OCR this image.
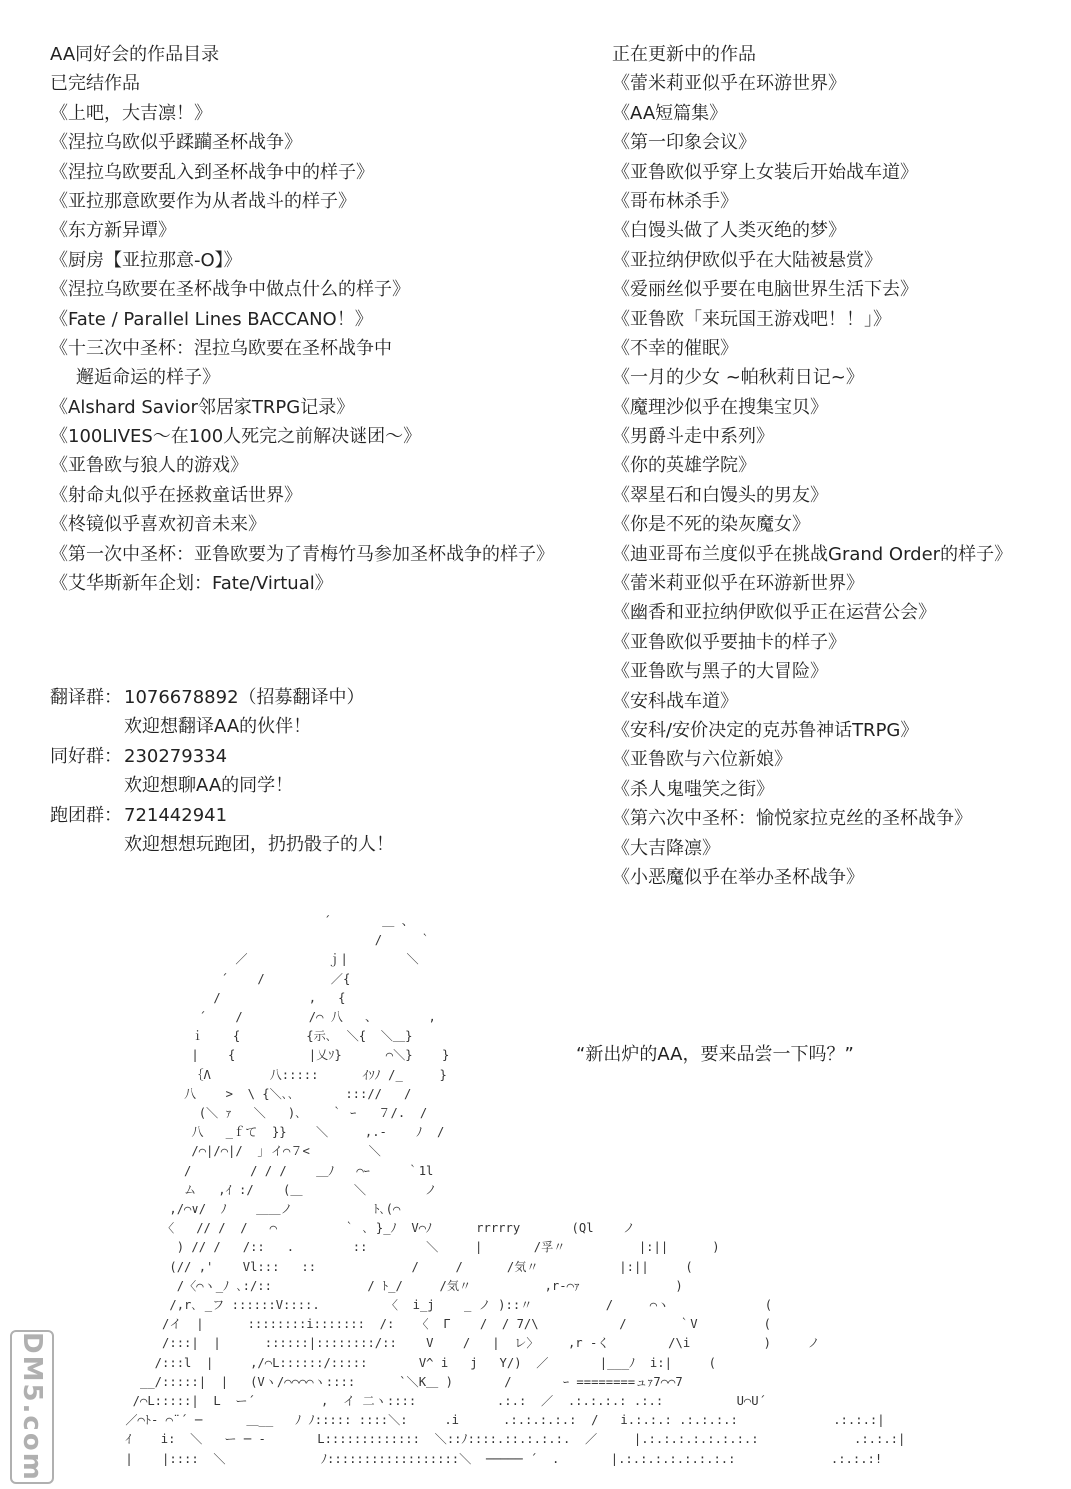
AA同好会的作品目录
已完结作品
《上吧，大吉凛！》
《涅拉乌欧似乎蹂躏圣杯战争》
《涅拉乌欧要乱入到圣杯战争中的样子》
《亚拉那意欧要作为从者战斗的样子》
《东方新异谭》
《厨房【亚拉那意-O】》
《涅拉乌欧要在圣杯战争中做点什么的样子》
《Fate / Parallel Lines BACCANO！》
《十三次中圣杯：涅拉乌欧要在圣杯战争中
邂逅命运的样子》
《Alshard Savior邻居家TRPG记录》
《100LIVES～在100人死完之前解决谜团～》
《亚鲁欧与狼人的游戏》
《射命丸似乎在拯救童话世界》
《柊镜似乎喜欢初音未来》
《第一次中圣杯：亚鲁欧要为了青梅竹马参加圣杯战争的样子》
《艾华斯新年企划：Fate/Virtual》
翻译群： 1076678892（招募翻译中）
欢迎想翻译AA的伙伴！
同好群： 230279334
欢迎想聊AA的同学！
跑团群： 721442941
欢迎想想玩跑团，扔扔骰子的人！
正在更新中的作品
《蕾米莉亚似乎在环游世界》
《AA短篇集》
《第一印象会议》
《亚鲁欧似乎穿上女装后开始战车道》
《哥布林杀手》
《白馒头做了人类灭绝的梦》
《亚拉纳伊欧似乎在大陆被悬赏》
《爱丽丝似乎要在电脑世界生活下去》
《亚鲁欧「来玩国王游戏吧！！」》
《不幸的催眠》
《一月的少女 ~帕秋莉日记~》
《魔理沙似乎在搜集宝贝》
《男爵斗走中系列》
《你的英雄学院》
《翠星石和白馒头的男友》
《你是不死的染灰魔女》
《迪亚哥布兰度似乎在挑战Grand Order的样子》
《蕾米莉亚似乎在环游新世界》
《幽香和亚拉纳伊欧似乎正在运营公会》
《亚鲁欧似乎要抽卡的样子》
《亚鲁欧与黑子的大冒险》
《安科战车道》
《安科/安价决定的克苏鲁神话TRPG》
《亚鲁欧与六位新娘》
《杀人鬼嗤笑之街》
《第六次中圣杯：愉悦家拉克丝的圣杯战争》
《大吉降凛》
《小恶魔似乎在举办圣杯战争》
´       ＿ 、
/     ｀
／           ｊ|        ＼
´    /         ／{
/            ,   {
´    /         /⌒ 八   、       ,
ｉ    {         {示､  ＼{  ＼＿}
|    {          |乂ｿ}      ⌒＼}    }
｛Λ        八:::::      ｲｿﾉ /_     }
八    >  \ {＼､､       ::://   /
(＼ ｧ   ＼   )､    ｀ ｰ   ７/.  /
八   _ｆて  }}    ＼     ,.-    ﾉ  /
/⌒|/⌒|/  ｣ イ⌒７<        ＼
/        / / /    ＿ﾉ   ⌒ｰ     ｀1l
ム   ,ｲ :/    (＿       ＼        ノ
,/⌒∨/  ﾉ    ＿＿ノ           ﾄ､(⌒
〈   // /  /   ⌒         ｀ ､ }_ﾉ  V⌒ﾉ      rrrrry       (Ql    ノ
) // /   /::   .        ::        ＼     |       /孚〃          |:||      )
(// ,'    Vl:::   ::             /     /      /気〃           |:||     (
/〈⌒ヽ_ﾉ ､:/::             / ﾄ_/     /気〃          ,r‐⌒ｧ             )
/,r､ _フ ::::::V::::.         〈  i_j    _ ノ )::〃          /     ⌒ヽ             (
/イ  |      ::::::::i:::::::  /:   〈  Γ    /  / 7/\           /       ｀V         (
/:::|  |      ::::::|::::::::/::    V    /   |  レ〉    ,r ‐く        /\i          )     ノ
/:::l  |     ,/⌒L::::::/:::::       V^ i   j   Y/)  ／       |___ﾉ  i:|     (
__/:::::|  |   (Vヽ/⌒⌒⌒⌒ヽ::::      `＼K＿ )       /       ｰ ========ュｧ7⌒⌒7
/⌒L:::::|  L  ー´         ,  イ 二ヽ::::           .:.:  ／  .:.:.:.: .:.:          U⌒U´
／⌒ﾄ‐ ⌒¨´ ─      ＿__   ﾉ ﾉ::::: ::::＼:     .i      .:.:.:.:.:  /   i.:.:.: .:.:.:.:             .:.:.:|
ｲ    i:  ＼   ー ─ ‐       L:::::::::::::  ＼::ﾉ::::.::.:.:.:.  ／     |.:.:.:.:.:.:.:.:             .:.:.:|
|    |::::  ＼             ﾉ::::::::::::::::::＼  ───── ´  .       |.:.:.:.:.:.:.:.:             .:.:.:!
“新出炉的AA，要来品尝一下吗？”
DM5.com
